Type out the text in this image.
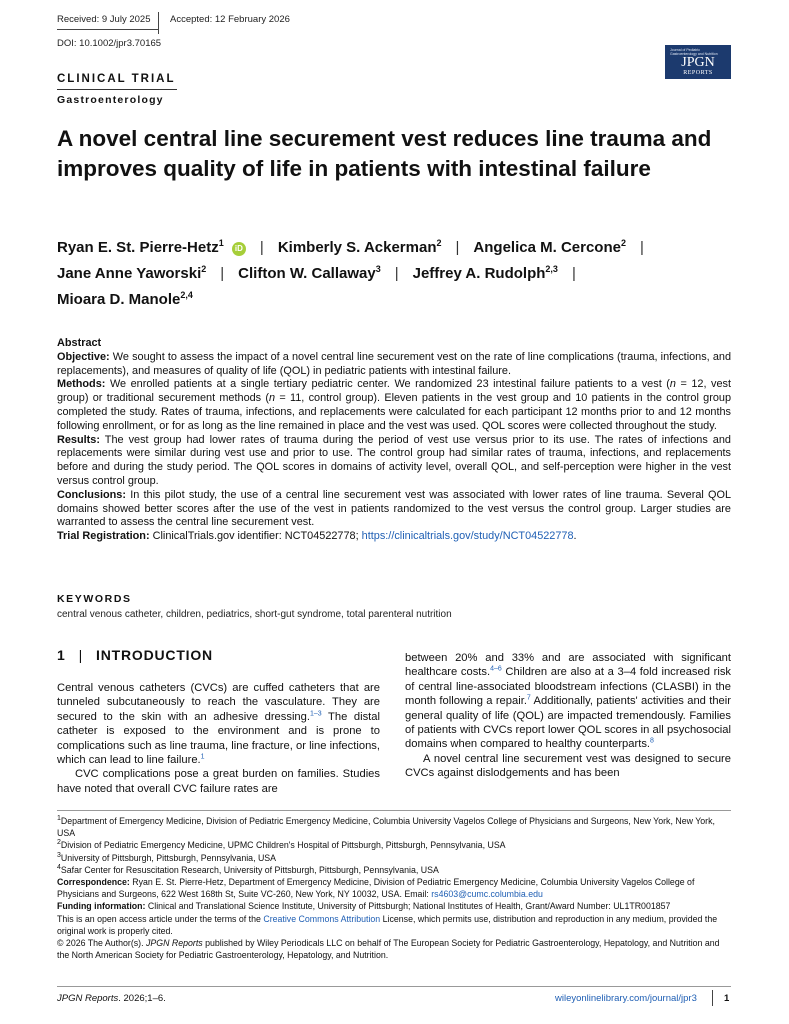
Received: 9 July 2025 Accepted: 12 February 2026
DOI: 10.1002/jpr3.70165
CLINICAL TRIAL
Gastroenterology
Journal of Pediatric Gastroenterology and Nutrition
JPGN
REPORTS
A novel central line securement vest reduces line trauma and improves quality of life in patients with intestinal failure
Ryan E. St. Pierre-Hetz$^1$ iD | Kimberly S. Ackerman$^2$ | Angelica M. Cercone$^2$ |
Jane Anne Yaworski$^2$ | Clifton W. Callaway$^3$ | Jeffrey A. Rudolph$^{2,3}$ |
Mioara D. Manole$^{2,4}$

Abstract

Objective: We sought to assess the impact of a novel central line securement vest on the rate of line complications (trauma, infections, and replacements), and measures of quality of life (QOL) in pediatric patients with intestinal failure.

Methods: We enrolled patients at a single tertiary pediatric center. We randomized 23 intestinal failure patients to a vest (n = 12, vest group) or traditional securement methods (n = 11, control group). Eleven patients in the vest group and 10 patients in the control group completed the study. Rates of trauma, infections, and replacements were calculated for each participant 12 months prior to and 12 months following enrollment, or for as long as the line remained in place and the vest was used. QOL scores were collected throughout the study.

Results: The vest group had lower rates of trauma during the period of vest use versus prior to its use. The rates of infections and replacements were similar during vest use and prior to use. The control group had similar rates of trauma, infections, and replacements before and during the study period. The QOL scores in domains of activity level, overall QOL, and self-perception were higher in the vest versus control group.

Conclusions: In this pilot study, the use of a central line securement vest was associated with lower rates of line trauma. Several QOL domains showed better scores after the use of the vest in patients randomized to the vest versus the control group. Larger studies are warranted to assess the central line securement vest.

Trial Registration: ClinicalTrials.gov identifier: NCT04522778; https://clinicaltrials.gov/study/NCT04522778.

KEYWORDS
central venous catheter, children, pediatrics, short-gut syndrome, total parenteral nutrition
1 | INTRODUCTION

Central venous catheters (CVCs) are cuffed catheters that are tunneled subcutaneously to reach the vasculature. They are secured to the skin with an adhesive dressing.$^{1-3}$ The distal catheter is exposed to the environment and is prone to complications such as line trauma, line fracture, or line infections, which can lead to line failure.$^1$

CVC complications pose a great burden on families. Studies have noted that overall CVC failure rates are

between 20% and 33% and are associated with significant healthcare costs.$^{4-6}$ Children are also at a 3–4 fold increased risk of central line-associated bloodstream infections (CLASBI) in the month following a repair.$^7$ Additionally, patients' activities and their general quality of life (QOL) are impacted tremendously. Families of patients with CVCs report lower QOL scores in all psychosocial domains when compared to healthy counterparts.$^8$

A novel central line securement vest was designed to secure CVCs against dislodgements and has been

$^1$Department of Emergency Medicine, Division of Pediatric Emergency Medicine, Columbia University Vagelos College of Physicians and Surgeons, New York, New York, USA

$^2$Division of Pediatric Emergency Medicine, UPMC Children's Hospital of Pittsburgh, Pittsburgh, Pennsylvania, USA

$^3$University of Pittsburgh, Pittsburgh, Pennsylvania, USA

$^4$Safar Center for Resuscitation Research, University of Pittsburgh, Pittsburgh, Pennsylvania, USA

Correspondence: Ryan E. St. Pierre-Hetz, Department of Emergency Medicine, Division of Pediatric Emergency Medicine, Columbia University Vagelos College of Physicians and Surgeons, 622 West 168th St, Suite VC-260, New York, NY 10032, USA. Email: rs4603@cumc.columbia.edu

Funding information: Clinical and Translational Science Institute, University of Pittsburgh; National Institutes of Health, Grant/Award Number: UL1TR001857

This is an open access article under the terms of the Creative Commons Attribution License, which permits use, distribution and reproduction in any medium, provided the original work is properly cited.

© 2026 The Author(s). JPGN Reports published by Wiley Periodicals LLC on behalf of The European Society for Pediatric Gastroenterology, Hepatology, and Nutrition and the North American Society for Pediatric Gastroenterology, Hepatology, and Nutrition.

JPGN Reports. 2026;1–6.	wileyonlinelibrary.com/journal/jpr3	1
